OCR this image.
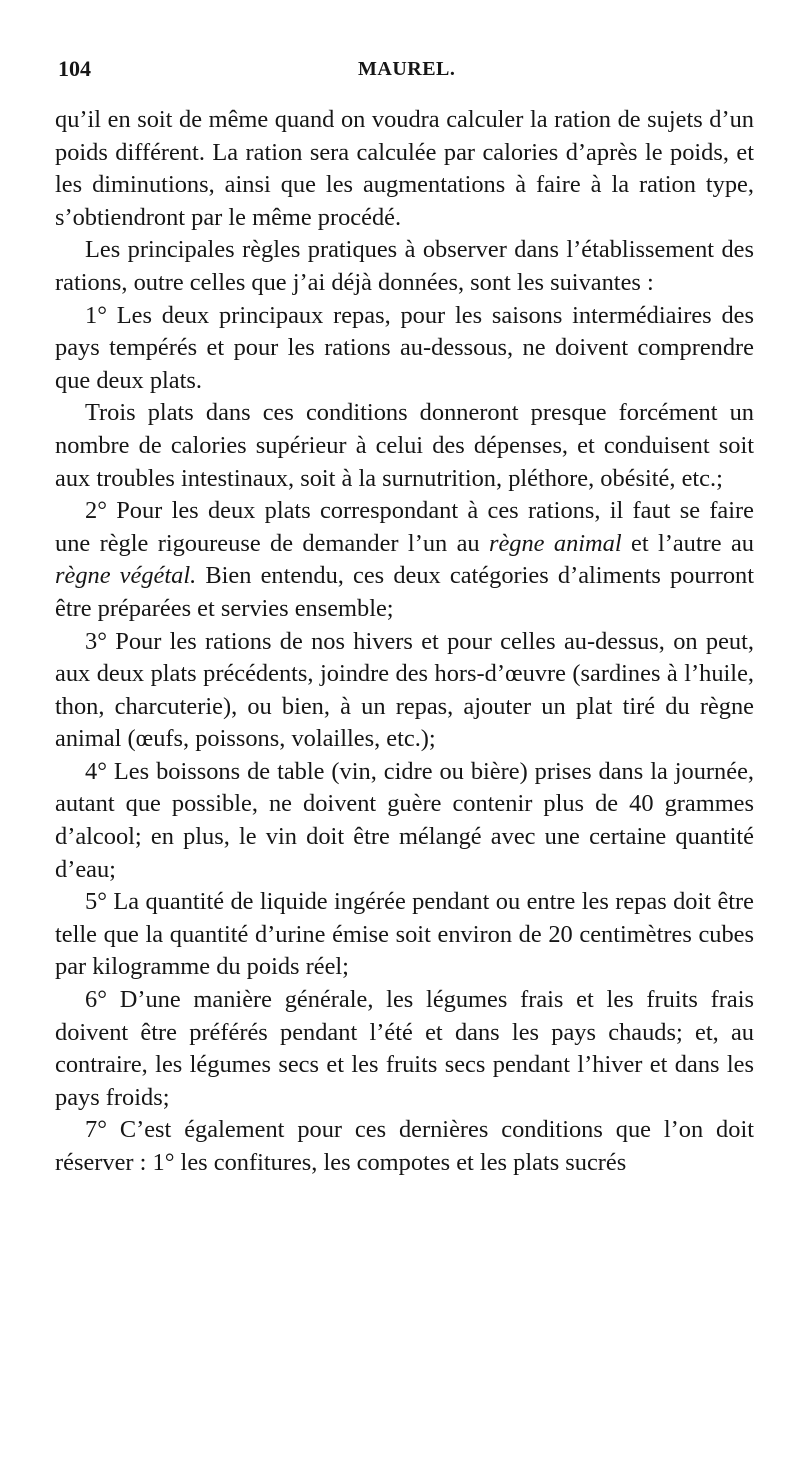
104	MAUREL.

qu’il en soit de même quand on voudra calculer la ration de sujets d’un poids différent. La ration sera calculée par calories d’après le poids, et les diminutions, ainsi que les augmentations à faire à la ration type, s’obtiendront par le même procédé.

Les principales règles pratiques à observer dans l’établissement des rations, outre celles que j’ai déjà données, sont les suivantes :

1° Les deux principaux repas, pour les saisons intermédiaires des pays tempérés et pour les rations au-dessous, ne doivent comprendre que deux plats.

Trois plats dans ces conditions donneront presque forcément un nombre de calories supérieur à celui des dépenses, et conduisent soit aux troubles intestinaux, soit à la surnutrition, pléthore, obésité, etc.;

2° Pour les deux plats correspondant à ces rations, il faut se faire une règle rigoureuse de demander l’un au règne animal et l’autre au règne végétal. Bien entendu, ces deux catégories d’aliments pourront être préparées et servies ensemble;

3° Pour les rations de nos hivers et pour celles au-dessus, on peut, aux deux plats précédents, joindre des hors-d’œuvre (sardines à l’huile, thon, charcuterie), ou bien, à un repas, ajouter un plat tiré du règne animal (œufs, poissons, volailles, etc.);

4° Les boissons de table (vin, cidre ou bière) prises dans la journée, autant que possible, ne doivent guère contenir plus de 40 grammes d’alcool; en plus, le vin doit être mélangé avec une certaine quantité d’eau;

5° La quantité de liquide ingérée pendant ou entre les repas doit être telle que la quantité d’urine émise soit environ de 20 centimètres cubes par kilogramme du poids réel;

6° D’une manière générale, les légumes frais et les fruits frais doivent être préférés pendant l’été et dans les pays chauds; et, au contraire, les légumes secs et les fruits secs pendant l’hiver et dans les pays froids;

7° C’est également pour ces dernières conditions que l’on doit réserver : 1° les confitures, les compotes et les plats sucrés
